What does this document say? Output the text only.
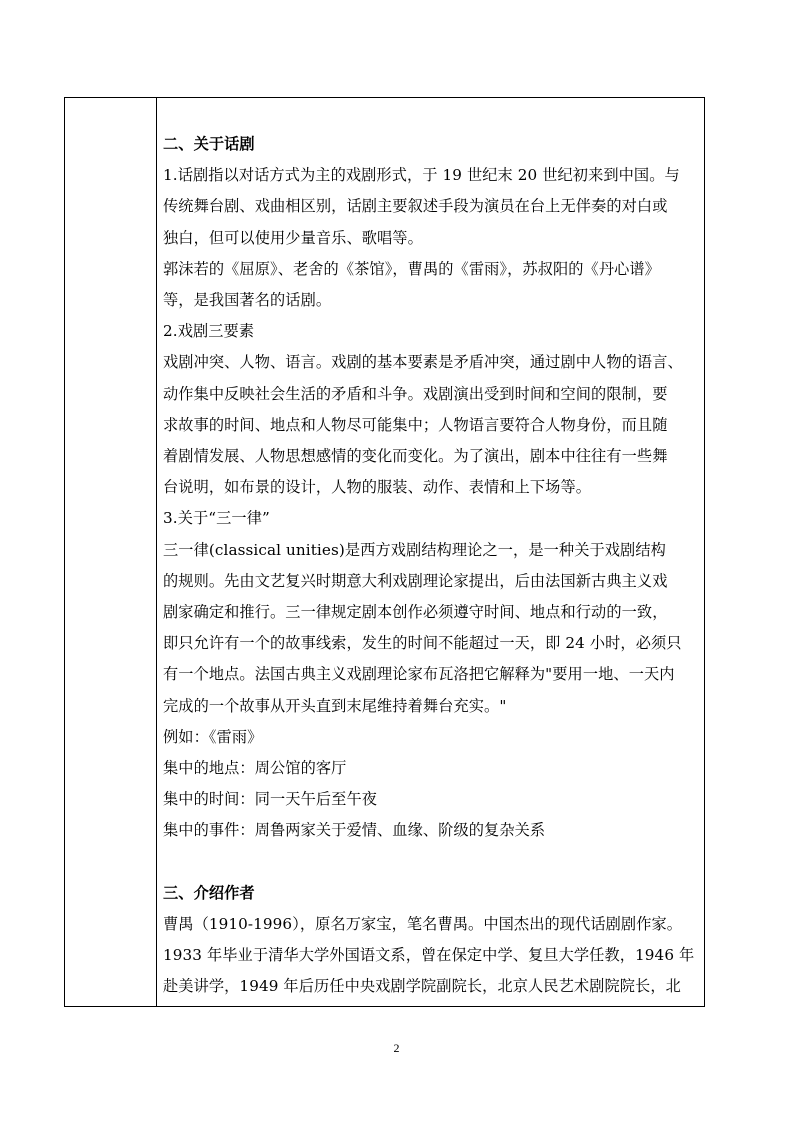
二、关于话剧

1.话剧指以对话方式为主的戏剧形式，于 19 世纪末 20 世纪初来到中国。与

传统舞台剧、戏曲相区别，话剧主要叙述手段为演员在台上无伴奏的对白或

独白，但可以使用少量音乐、歌唱等。

郭沫若的《屈原》、老舍的《茶馆》，曹禺的《雷雨》，苏叔阳的《丹心谱》

等，是我国著名的话剧。

2.戏剧三要素

戏剧冲突、人物、语言。戏剧的基本要素是矛盾冲突，通过剧中人物的语言、

动作集中反映社会生活的矛盾和斗争。戏剧演出受到时间和空间的限制，要

求故事的时间、地点和人物尽可能集中；人物语言要符合人物身份，而且随

着剧情发展、人物思想感情的变化而变化。为了演出，剧本中往往有一些舞

台说明，如布景的设计，人物的服装、动作、表情和上下场等。

3.关于“三一律”

三一律(classical unities)是西方戏剧结构理论之一，是一种关于戏剧结构

的规则。先由文艺复兴时期意大利戏剧理论家提出，后由法国新古典主义戏

剧家确定和推行。三一律规定剧本创作必须遵守时间、地点和行动的一致，

即只允许有一个的故事线索，发生的时间不能超过一天，即 24 小时，必须只

有一个地点。法国古典主义戏剧理论家布瓦洛把它解释为"要用一地、一天内

完成的一个故事从开头直到末尾维持着舞台充实。"

例如：《雷雨》

集中的地点：周公馆的客厅

集中的时间：同一天午后至午夜

集中的事件：周鲁两家关于爱情、血缘、阶级的复杂关系

三、介绍作者

曹禺（1910-1996），原名万家宝，笔名曹禺。中国杰出的现代话剧剧作家。

1933 年毕业于清华大学外国语文系，曾在保定中学、复旦大学任教，1946 年

赴美讲学，1949 年后历任中央戏剧学院副院长，北京人民艺术剧院院长，北

2
